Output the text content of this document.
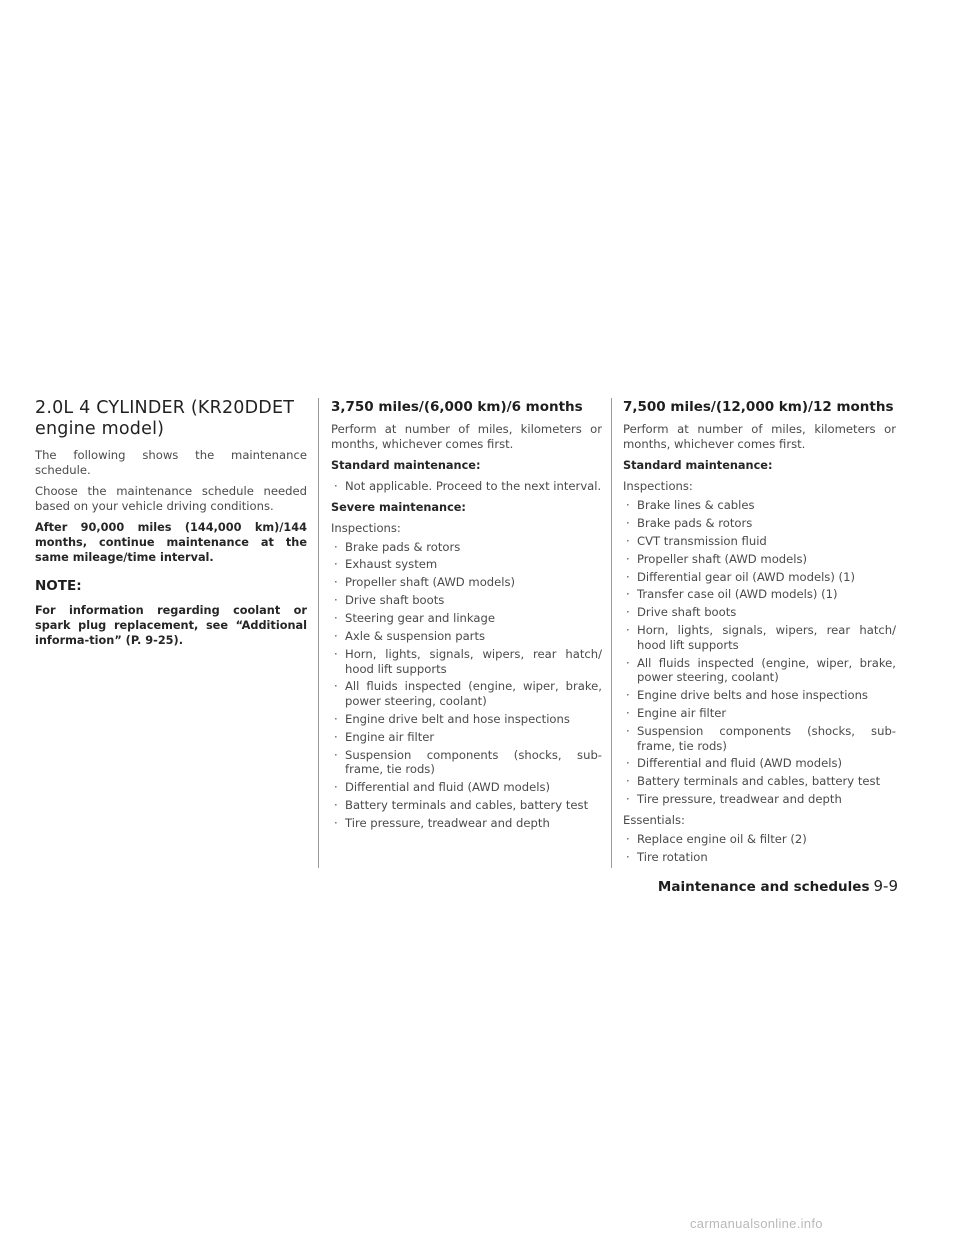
2.0L 4 CYLINDER (KR20DDET
engine model)

The following shows the maintenance schedule.

Choose the maintenance schedule needed based on your vehicle driving conditions.

After 90,000 miles (144,000 km)/144 months, continue maintenance at the same mileage/time interval.

NOTE:

For information regarding coolant or spark plug replacement, see “Additional informa-tion” (P. 9-25).

3,750 miles/(6,000 km)/6 months

Perform at number of miles, kilometers or months, whichever comes first.

Standard maintenance:

· Not applicable. Proceed to the next interval.

Severe maintenance:

Inspections:

· Brake pads & rotors
· Exhaust system
· Propeller shaft (AWD models)
· Drive shaft boots
· Steering gear and linkage
· Axle & suspension parts
· Horn, lights, signals, wipers, rear hatch/ hood lift supports
· All fluids inspected (engine, wiper, brake, power steering, coolant)
· Engine drive belt and hose inspections
· Engine air filter
· Suspension components (shocks, sub-frame, tie rods)
· Differential and fluid (AWD models)
· Battery terminals and cables, battery test
· Tire pressure, treadwear and depth
7,500 miles/(12,000 km)/12 months

Perform at number of miles, kilometers or months, whichever comes first.

Standard maintenance:

Inspections:

· Brake lines & cables
· Brake pads & rotors
· CVT transmission fluid
· Propeller shaft (AWD models)
· Differential gear oil (AWD models) (1)
· Transfer case oil (AWD models) (1)
· Drive shaft boots
· Horn, lights, signals, wipers, rear hatch/ hood lift supports
· All fluids inspected (engine, wiper, brake, power steering, coolant)
· Engine drive belts and hose inspections
· Engine air filter
· Suspension components (shocks, sub-frame, tie rods)
· Differential and fluid (AWD models)
· Battery terminals and cables, battery test
· Tire pressure, treadwear and depth

Essentials:

· Replace engine oil & filter (2)
· Tire rotation
Maintenance and schedules 9-9
carmanualsonline.info
